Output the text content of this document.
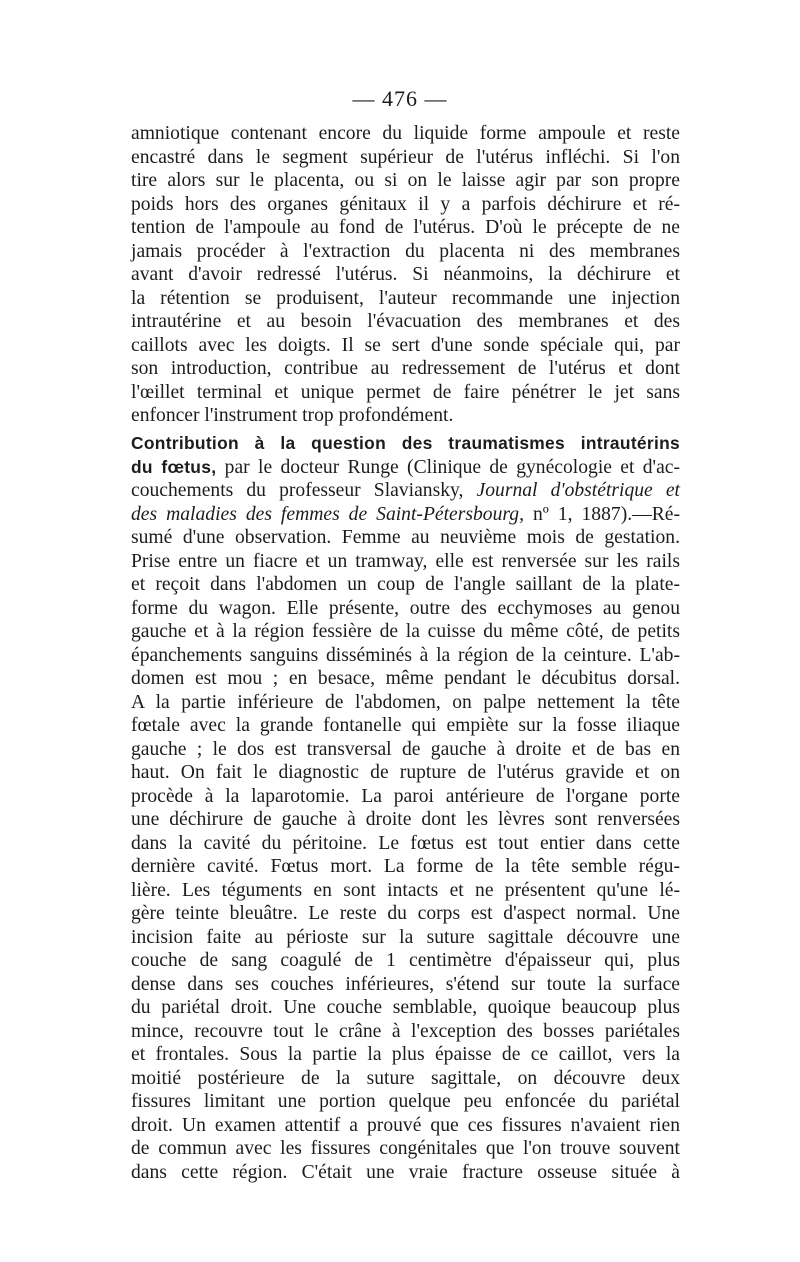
— 476 —
amniotique contenant encore du liquide forme ampoule et reste
encastré dans le segment supérieur de l'utérus infléchi. Si l'on
tire alors sur le placenta, ou si on le laisse agir par son propre
poids hors des organes génitaux il y a parfois déchirure et ré-
tention de l'ampoule au fond de l'utérus. D'où le précepte de ne
jamais procéder à l'extraction du placenta ni des membranes
avant d'avoir redressé l'utérus. Si néanmoins, la déchirure et
la rétention se produisent, l'auteur recommande une injection
intrautérine et au besoin l'évacuation des membranes et des
caillots avec les doigts. Il se sert d'une sonde spéciale qui, par
son introduction, contribue au redressement de l'utérus et dont
l'œillet terminal et unique permet de faire pénétrer le jet sans
enfoncer l'instrument trop profondément.
Contribution à la question des traumatismes intrautérins
du fœtus, par le docteur Runge (Clinique de gynécologie et d'ac-
couchements du professeur Slaviansky, Journal d'obstétrique et
des maladies des femmes de Saint-Pétersbourg, nº 1, 1887).—Ré-
sumé d'une observation. Femme au neuvième mois de gestation.
Prise entre un fiacre et un tramway, elle est renversée sur les rails
et reçoit dans l'abdomen un coup de l'angle saillant de la plate-
forme du wagon. Elle présente, outre des ecchymoses au genou
gauche et à la région fessière de la cuisse du même côté, de petits
épanchements sanguins disséminés à la région de la ceinture. L'ab-
domen est mou ; en besace, même pendant le décubitus dorsal.
A la partie inférieure de l'abdomen, on palpe nettement la tête
fœtale avec la grande fontanelle qui empiète sur la fosse iliaque
gauche ; le dos est transversal de gauche à droite et de bas en
haut. On fait le diagnostic de rupture de l'utérus gravide et on
procède à la laparotomie. La paroi antérieure de l'organe porte
une déchirure de gauche à droite dont les lèvres sont renversées
dans la cavité du péritoine. Le fœtus est tout entier dans cette
dernière cavité. Fœtus mort. La forme de la tête semble régu-
lière. Les téguments en sont intacts et ne présentent qu'une lé-
gère teinte bleuâtre. Le reste du corps est d'aspect normal. Une
incision faite au périoste sur la suture sagittale découvre une
couche de sang coagulé de 1 centimètre d'épaisseur qui, plus
dense dans ses couches inférieures, s'étend sur toute la surface
du pariétal droit. Une couche semblable, quoique beaucoup plus
mince, recouvre tout le crâne à l'exception des bosses pariétales
et frontales. Sous la partie la plus épaisse de ce caillot, vers la
moitié postérieure de la suture sagittale, on découvre deux
fissures limitant une portion quelque peu enfoncée du pariétal
droit. Un examen attentif a prouvé que ces fissures n'avaient rien
de commun avec les fissures congénitales que l'on trouve souvent
dans cette région. C'était une vraie fracture osseuse située à
